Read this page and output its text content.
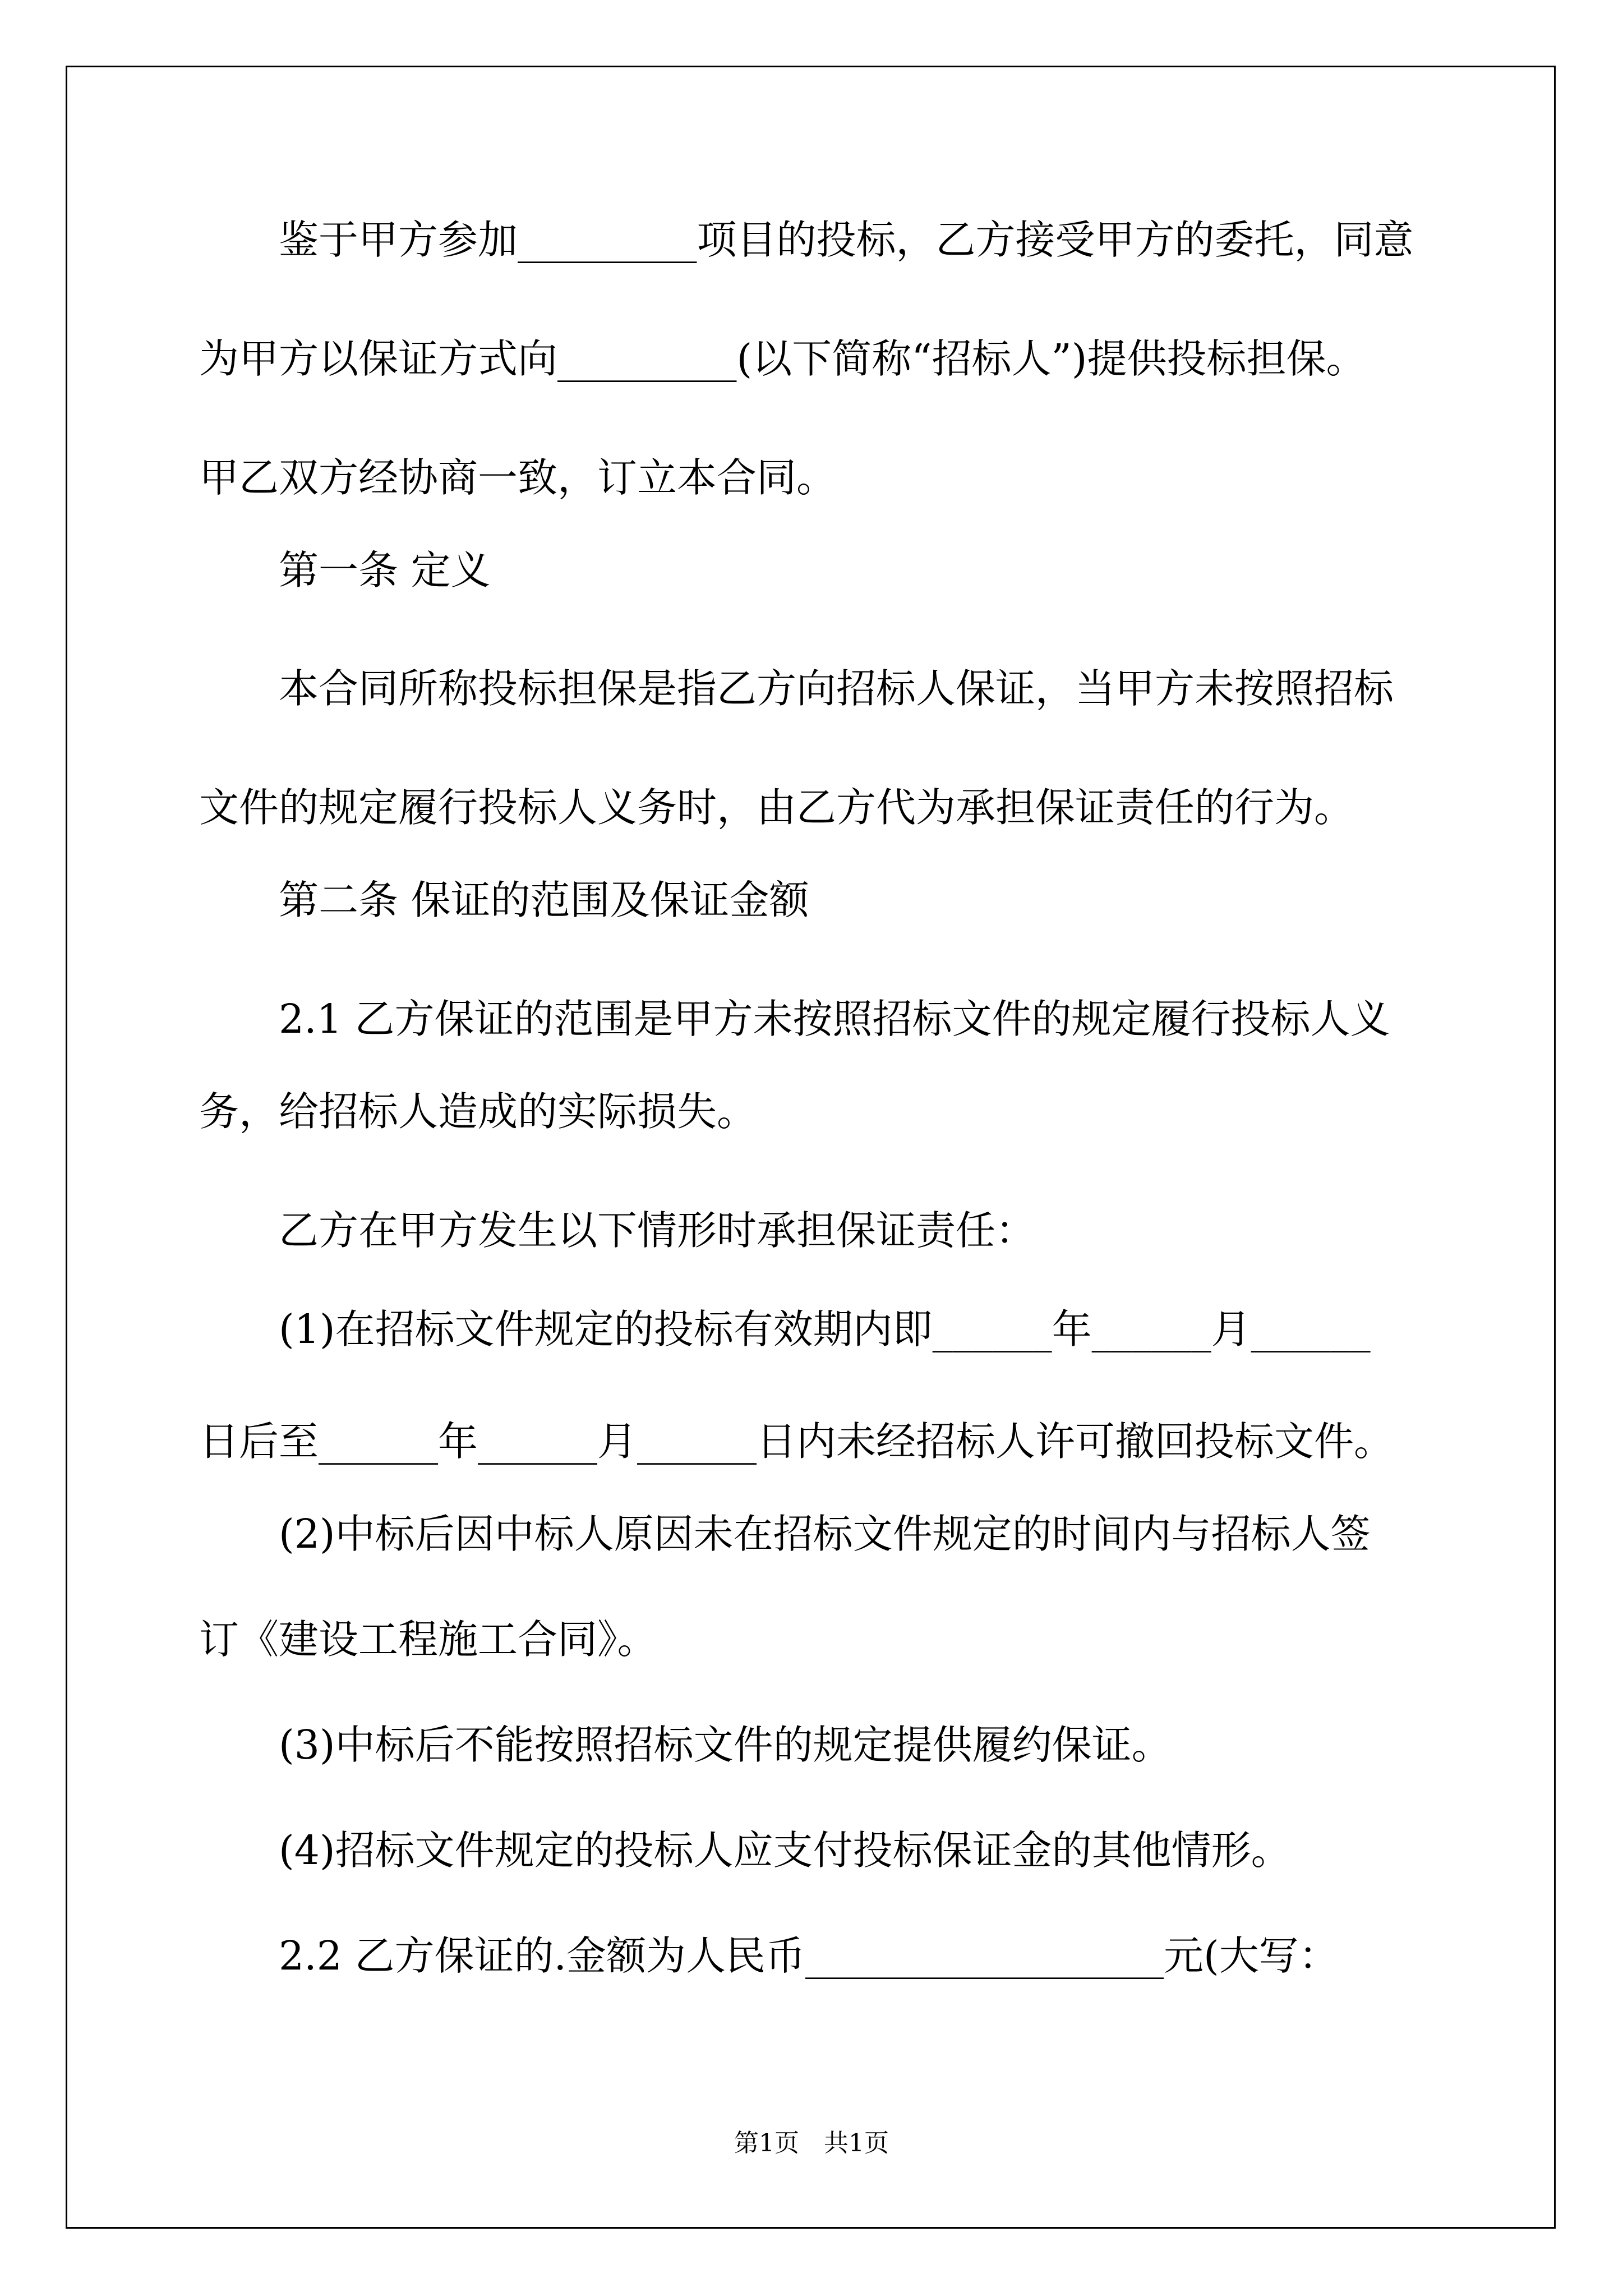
　　鉴于甲方参加_________项目的投标，乙方接受甲方的委托，同意

为甲方以保证方式向_________(以下简称“招标人”)提供投标担保。

甲乙双方经协商一致，订立本合同。

　　第一条 定义

　　本合同所称投标担保是指乙方向招标人保证，当甲方未按照招标

文件的规定履行投标人义务时，由乙方代为承担保证责任的行为。

　　第二条 保证的范围及保证金额

　　2.1 乙方保证的范围是甲方未按照招标文件的规定履行投标人义

务，给招标人造成的实际损失。

　　乙方在甲方发生以下情形时承担保证责任：

　　(1)在招标文件规定的投标有效期内即______年______月______

日后至______年______月______日内未经招标人许可撤回投标文件。

　　(2)中标后因中标人原因未在招标文件规定的时间内与招标人签

订《建设工程施工合同》。

　　(3)中标后不能按照招标文件的规定提供履约保证。

　　(4)招标文件规定的投标人应支付投标保证金的其他情形。

　　2.2 乙方保证的.金额为人民币__________________元(大写：

第1页　共1页
